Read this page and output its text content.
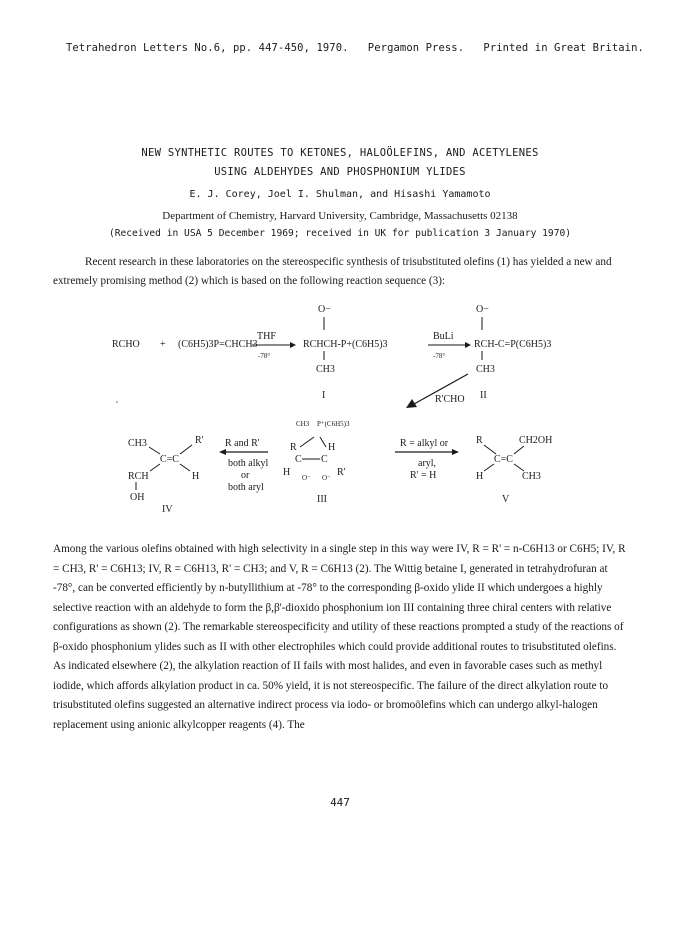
Tetrahedron Letters No.6, pp. 447-450, 1970.   Pergamon Press.   Printed in Great Britain.
NEW SYNTHETIC ROUTES TO KETONES, HALOÖLEFINS, AND ACETYLENES
USING ALDEHYDES AND PHOSPHONIUM YLIDES
E. J. Corey, Joel I. Shulman, and Hisashi Yamamoto
Department of Chemistry, Harvard University, Cambridge, Massachusetts 02138
(Received in USA 5 December 1969; received in UK for publication 3 January 1970)
Recent research in these laboratories on the stereospecific synthesis of trisubstituted olefins (1) has yielded a new and extremely promising method (2) which is based on the following reaction sequence (3):
RCHO + (C6H5)3P=CHCH3
THF
-78°
O−
RCHCH-P+(C6H5)3
CH3
I
BuLi
-78°
O−
RCH-C=P(C6H5)3
CH3
II
R'CHO
CH3 P⁺(C6H5)3
R	H
C C
H O⁻ O⁻ R'
III
R and R'
both alkyl
or
both aryl
CH3	R'
C=C
RCH	H
OH
IV
R = alkyl or
aryl,
R' = H
R	CH2OH
C=C
H	CH3
V
Among the various olefins obtained with high selectivity in a single step in this way were IV, R = R' = n-C6H13 or C6H5; IV, R = CH3, R' = C6H13; IV, R = C6H13, R' = CH3; and V, R = C6H13 (2). The Wittig betaine I, generated in tetrahydrofuran at -78°, can be converted efficiently by n-butyllithium at -78° to the corresponding β-oxido ylide II which undergoes a highly selective reaction with an aldehyde to form the β,β'-dioxido phosphonium ion III containing three chiral centers with relative configurations as shown (2). The remarkable stereospecificity and utility of these reactions prompted a study of the reactions of β-oxido phosphonium ylides such as II with other electrophiles which could provide additional routes to trisubstituted olefins. As indicated elsewhere (2), the alkylation reaction of II fails with most halides, and even in favorable cases such as methyl iodide, which affords alkylation product in ca. 50% yield, it is not stereospecific. The failure of the direct alkylation route to trisubstituted olefins suggested an alternative indirect process via iodo- or bromoölefins which can undergo alkyl-halogen replacement using anionic alkylcopper reagents (4). The
447
